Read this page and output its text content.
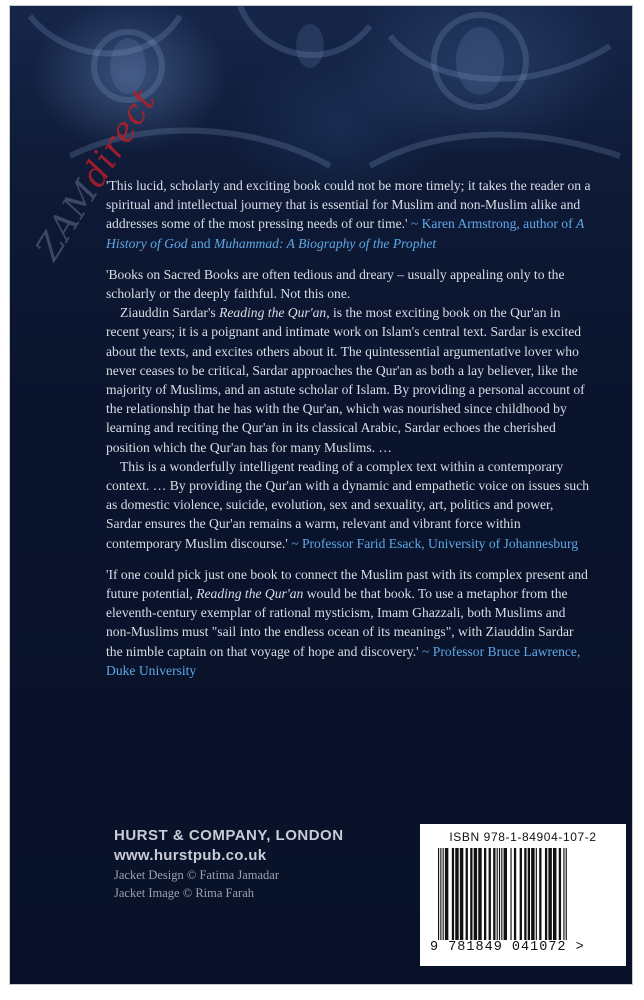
ZAMdirect

'This lucid, scholarly and exciting book could not be more timely; it takes the reader on a spiritual and intellectual journey that is essential for Muslim and non-Muslim alike and addresses some of the most pressing needs of our time.' ~ Karen Armstrong, author of A History of God and Muhammad: A Biography of the Prophet

'Books on Sacred Books are often tedious and dreary – usually appealing only to the scholarly or the deeply faithful. Not this one.

Ziauddin Sardar's Reading the Qur'an, is the most exciting book on the Qur'an in recent years; it is a poignant and intimate work on Islam's central text. Sardar is excited about the texts, and excites others about it. The quintessential argumentative lover who never ceases to be critical, Sardar approaches the Qur'an as both a lay believer, like the majority of Muslims, and an astute scholar of Islam. By providing a personal account of the relationship that he has with the Qur'an, which was nourished since childhood by learning and reciting the Qur'an in its classical Arabic, Sardar echoes the cherished position which the Qur'an has for many Muslims. …

This is a wonderfully intelligent reading of a complex text within a contemporary context. … By providing the Qur'an with a dynamic and empathetic voice on issues such as domestic violence, suicide, evolution, sex and sexuality, art, politics and power, Sardar ensures the Qur'an remains a warm, relevant and vibrant force within contemporary Muslim discourse.' ~ Professor Farid Esack, University of Johannesburg

'If one could pick just one book to connect the Muslim past with its complex present and future potential, Reading the Qur'an would be that book. To use a metaphor from the eleventh-century exemplar of rational mysticism, Imam Ghazzali, both Muslims and non-Muslims must "sail into the endless ocean of its meanings", with Ziauddin Sardar the nimble captain on that voyage of hope and discovery.' ~ Professor Bruce Lawrence, Duke University

HURST & COMPANY, LONDON
www.hurstpub.co.uk
Jacket Design © Fatima Jamadar
Jacket Image © Rima Farah
ISBN 978-1-84904-107-2
9 781849 041072 >
